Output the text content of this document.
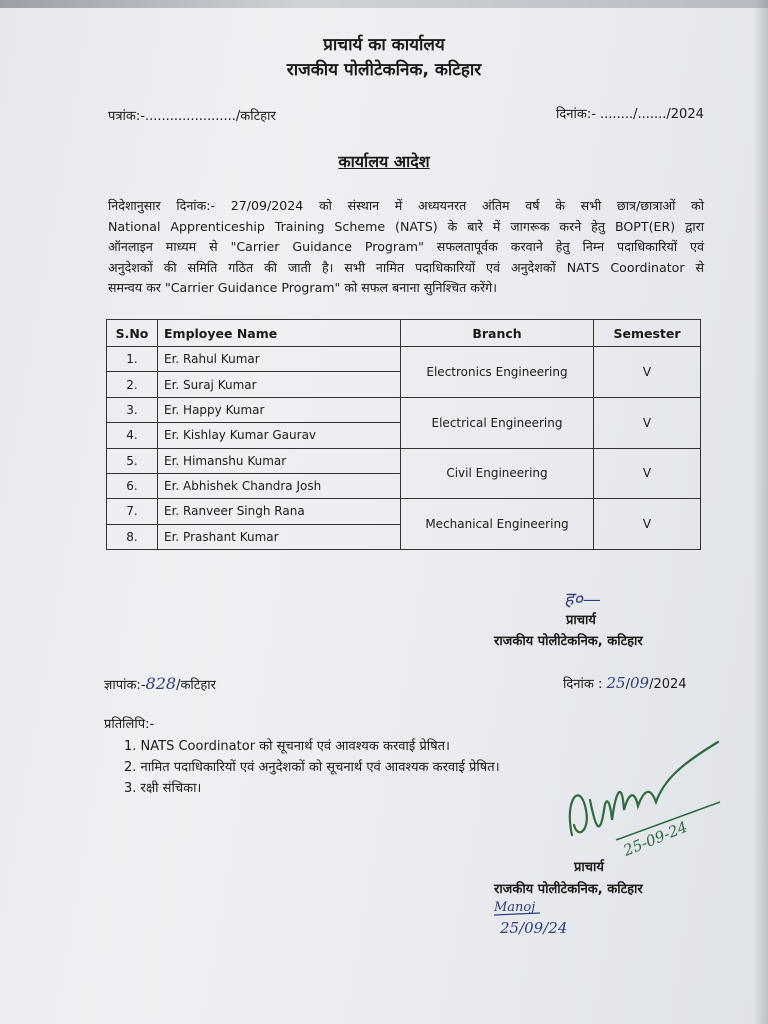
प्राचार्य का कार्यालय
राजकीय पोलीटेकनिक, कटिहार
पत्रांक:-....................../कटिहार	दिनांक:- ......../......./2024
कार्यालय आदेश
निदेशानुसार दिनांक:- 27/09/2024 को संस्थान में अध्ययनरत अंतिम वर्ष के सभी छात्र/छात्राओं को
National Apprenticeship Training Scheme (NATS) के बारे में जागरूक करने हेतु BOPT(ER) द्वारा
ऑनलाइन माध्यम से "Carrier Guidance Program" सफलतापूर्वक करवाने हेतु निम्न पदाधिकारियों एवं
अनुदेशकों की समिति गठित की जाती है। सभी नामित पदाधिकारियों एवं अनुदेशकों NATS Coordinator से
समन्वय कर "Carrier Guidance Program" को सफल बनाना सुनिश्चित करेंगे।
S.No	Employee Name	Branch	Semester
1.	Er. Rahul Kumar	Electronics Engineering	V
2.	Er. Suraj Kumar		
3.	Er. Happy Kumar	Electrical Engineering	V
4.	Er. Kishlay Kumar Gaurav		
5.	Er. Himanshu Kumar	Civil Engineering	V
6.	Er. Abhishek Chandra Josh		
7.	Er. Ranveer Singh Rana	Mechanical Engineering	V
8.	Er. Prashant Kumar		
ह०—
प्राचार्य
राजकीय पोलीटेकनिक, कटिहार
ज्ञापांक:-828/कटिहार	दिनांक : 25/09/2024
प्रतिलिपि:-
1. NATS Coordinator को सूचनार्थ एवं आवश्यक करवाई प्रेषित।
2. नामित पदाधिकारियों एवं अनुदेशकों को सूचनार्थ एवं आवश्यक करवाई प्रेषित।
3. रक्षी संचिका।
25-09-24
प्राचार्य
राजकीय पोलीटेकनिक, कटिहार
Manoj
25/09/24
